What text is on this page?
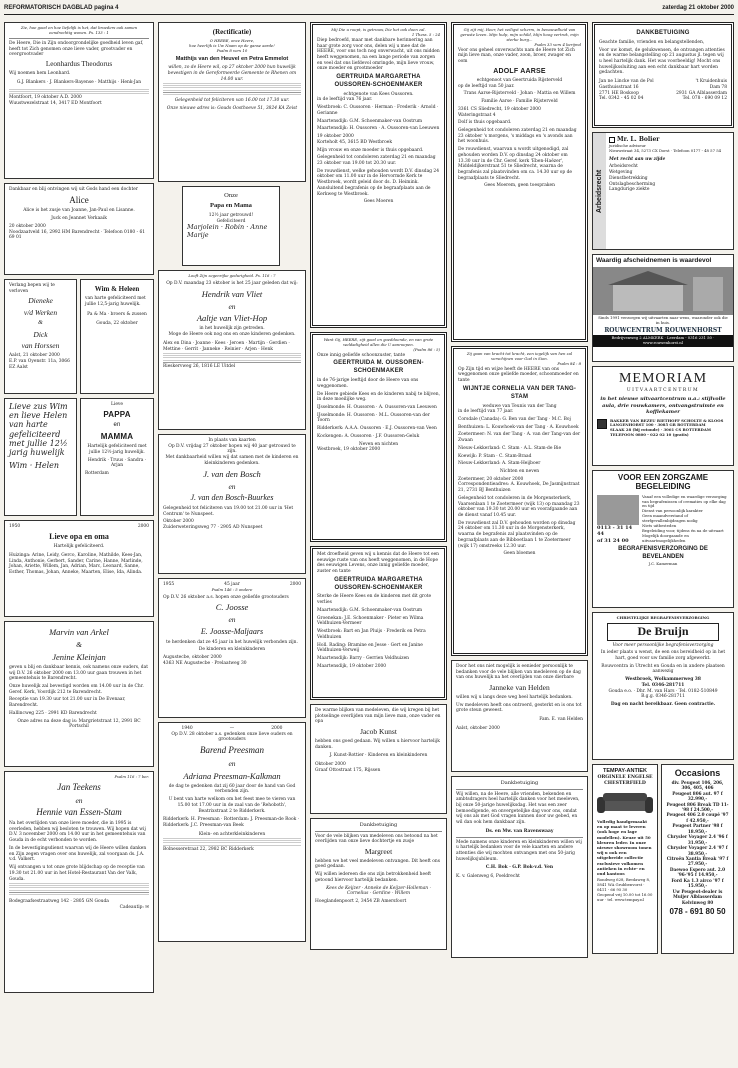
REFORMATORISCH DAGBLAD pagina 4	zaterdag 21 oktober 2000
Zie, hoe goed en hoe liefelijk is het, dat broeders ook samen eendrachtig wonen. Ps. 133 : 1
De Heere, Die in Zijn ondoorgrondelijke goedheid leven gaf, heeft tot Zich genomen onze lieve vader, grootvader en overgrootvader
Leonhardus Theodorus
Wij noemen hem Leonhard.
G.J. Blankers · J. Blankers-Bayense · Matthijs · Henk-Jan
Montfoort, 19 oktober A.D. 2000
Wuustwezelstraat 14, 3417 ED Montfoort
Dankbaar en blij ontvingen wij uit Gods hand een dochter
Alice
Alice is het zusje van Joanne, Jan-Paul en Lisanne.
Juck en Jeannet Verkaaik
20 oktober 2000
Noodzaatveld 16, 2992 HM Barendrecht · Telefoon 0180 - 61 69 01
Verlang bepen wij te verloven
Dieneke
v/d Werken
&
Dick
van Horssen
Aalst, 21 oktober 2000
E.P. van Oyenstr. 11a, 3066 EZ Aalst
Wim & Heleen
van harte gefeliciteerd met jullie 12,5-jarig huwelijk.
Pa & Ma · broers & zussen
Gouda, 22 oktober
Lieve zus Wim en lieve Helen van harte gefeliciteerd met jullie 12½ jarig huwelijk
Wim · Helen
Lieve
PAPPA
en
MAMMA
Hartelijk gefeliciteerd met jullie 12½-jarig huwelijk.
Hendrik · Truus · Sandra · Arjan
Rotterdam
1950	2000
Lieve opa en oma
Hartelijk gefeliciteerd.
Huizinga: Arine, Leidy, Gerco, Karoline, Mathilde, Kees-Jan, Linda, Anthonie, Gerbert, Sander, Carine, Hanne, Marlinde, Johan, Ariette, Willem, Jan, Adrian, Marc, Leonard, Sanne, Esther, Thomas, Johan, Anneke, Maarten, Elise, Ida, Alinda.
Marvin van Arkel
&
Jenine Kleinjan
geven u blij en dankbaar kennis, ook namens onze ouders, dat wij D.V. 26 oktober 2000 om 13.00 uur gaan trouwen in het gemeentehuis te Barendrecht.
Onze huwelijk zal bevestigd worden om 14.00 uur in de Chr. Geref. Kerk, Voordijk 212 te Barendrecht.
Receptie van 19.30 uur tot 21.00 uur in De Evenaar, Barendrecht.
Hallincweg 225 · 2991 KD Barendrecht
Onze adres na deze dag is: Margrietstraat 12, 2991 BC Portschil
Psalm 116 : 7 ber.
Jan Teekens
en
Hennie van Essen-Stam
Na het overlijden van onze lieve moeder, die in 1995 is overleden, hebben wij besloten te trouwen. Wij hopen dat wij D.V. 3 november 2000 om 14.00 uur in het gemeentehuis van Gouda in de echt verbonden te worden.
In de bevestigingsdienst waarvan wij de Heere willen danken en Zijn zegen vragen over ons huwelijk, zal voorgaan ds. J.A. v.d. Valkert.
Wij ontvangen u tot onze grote blijdschap op de receptie van 19.30 tot 21.00 uur in het Hotel-Restaurant Van der Valk, Gouda.
Bodegraafsestraatweg 142 · 2805 GN Gouda
Cadeautip: ✉
(Rectificatie)
O HEERE, onze Heere,
hoe heerlijk is Uw Naam op de ganse aarde!
Psalm 8 vers 10
Matthijs van den Heuvel en Petra Emmelot
willen, zo de Heere wil, op 27 oktober 2000 hun huwelijk bevestigen in de Gereformeerde Gemeente te Rhenen om 14.00 uur.
Gelegenheid tot feliciteren van 16.00 tot 17.30 uur.
Onze nieuwe adres is: Gouds Oosthoeve 51, 3824 KA Zeist
Onze
Papa en Mama
12½ jaar getrouwd!
Gefeliciteerd
Marjolein · Robin · Anne Marije
Looft Zijn zegenrijke gedurigheid. Ps. 116 : 7
Op D.V. maandag 23 oktober is het 25 jaar geleden dat wij:
Hendrik van Vliet
en
Aaltje van Vliet-Hop
in het huwelijk zijn getreden.
Moge de Heere ook nog ons en onze kinderen gedenken.
Alex en Dina · Joanne · Kees · Jeroen · Martijn · Gerdien · Mettine · Gerrit · Janneke · Reinier · Arjen · Henk
Rieskervweg 26, 1816 LE Uitdel
In plaats van kaarten
Op D.V. vrijdag 27 oktober hopen wij 40 jaar getrouwd te zijn.
Met dankbaarheid willen wij dat samen met de kinderen en kleinkinderen gedenken.
J. van den Bosch
en
J. van den Bosch-Buurkes
Gelegenheid tot feliciteren van 19.00 tot 21.00 uur in 'Het Centrum' te Nunspeet.
Oktober 2000
Zuiderweteringsweg 77 · 2905 AD Nunspeet
1955	45 jaar	2000
Psalm 146 : 5 ondere
Op D.V. 26 oktober a.s. hopen onze geliefde grootouders
C. Joosse
en
E. Joosse-Maljaars
te herdenken dat ze 45 jaar in het huwelijk verbonden zijn.
De kinderen en kleinkinderen
Augustecbe, oktober 2000
4363 NE Augustecbe · Prelaatweg 30
1940	—	2000
Op D.V. 28 oktober a.s. gedenken onze lieve ouders en grootouders
Barend Preesman
en
Adriana Preesman-Kalkman
de dag te gedenken dat zij 60 jaar door de hand van God verbonden zijn.
U bent van harte welkom om het feest mee te vieren van 15.00 tot 17.00 uur in de zaal van de 'Rehoboth', Beatrixstraat 2 te Ridderkerk.
Ridderkerk: H. Preesman · Rotterdam: J. Preesman-de Rook · Ridderkerk: J.C. Preesman-van Beek
Klein- en achterkleinkinderen
Bolnesseretraat 22, 2982 BC Ridderkerk
Mij Die u roept, is getrouw, Die het ook doen zal.
1 Thess. 5 : 24
Diep bedroefd, maar met dankbare herinnering aan haar grote zorg voor ons, delen wij u mee dat de HEERE, voor ons toch nog onverwacht, uit ons midden heeft weggenomen, na een lange periode van zorgen en veel dat ons liefdevol omringde, mijn lieve vrouw, onze moeder en grootmoeder
GERTRUIDA MARGARETHA OUSSOREN-SCHOENMAKER
echtgenote van Kees Oussoren.
in de leeftijd van 76 jaar.
Westbroek: C. Oussoren · Herman · Frederik · Arnold · Gerianne
Maartensdijk: G.M. Schoenmaker-van Oostrum
Maartensdijk: H. Oussoren · A. Oussoren-van Leeuwen
19 oktober 2000
Korteholt 45, 3615 BD Westbroek
Mijn vrouw en onze moeder is thuis opgebaard.
Gelegenheid tot condoleren zaterdag 21 en maandag 23 oktober van 19.00 tot 20.30 uur.
De rouwdienst, welke gehouden wordt D.V. dinsdag 24 oktober om 11.00 uur in de Hervormde Kerk te Westbroek, wordt geleid door ds. D. Heimink. Aansluitend begrafenis op de begraafplaats aan de Kerkweg te Westbroek.
Gees Moeren
Want Gij, HEERE, zijt goed en goeddoende, en van grote weldadigheid allen die U aanroepen.
(Psalm 86 : 5)
Onze innig geliefde schoonzuster, tante
GEERTRUIDA M. OUSSOREN-SCHOENMAKER
in de 76-jarige leeftijd door de Heere van ons weggenomen.
De Heere gebiede Kees en de kinderen nabij te blijven, in deze moeilijke weg.
IJsselmonde: H. Oussoren · A. Oussoren-van Leeuwen
IJsselmonde: H. Oussoren · M.L. Oussoren-van der Toorn
Ridderkerk: A.A.A. Oussoren · E.J. Oussoren-van Veen
Kockengen: A. Oussoren · J.F. Oussoren-Geluk
Neven en nichten
Westbroek, 19 oktober 2000
Met droefheid geven wij u kennis dat de Heere tot een eeuwige ruste van ons heeft weggenomen, in de Hope des eeuwigen Levens, onze innig geliefde moeder, zuster en tante
GEERTRUIDA MARGARETHA OUSSOREN-SCHOENMAKER
Sterke de Heere Kees en de kinderen met dit grote verlies
Maartensdijk: G.M. Schoenmaker-van Oostrum
Groenekan: J.E. Schoenmaker · Pieter en Wilma Veldhuizen-Vermeer
Westbroek: Bart en Jan Pluijs · Frederik en Petra Veldhuizen
Holl. Rading: Bramine en Jesse · Gert en Janine Veldhuizen-Verweij
Maartensdijk: Barry · Gerrien Veldhuizen
Maartensdijk, 19 oktober 2000
De warme blijken van medeleven, die wij kregen bij het plotselinge overlijden van mijn lieve man, onze vader en opa
Jacob Kunst
hebben ons goed gedaan. Wij willen u hiervoor hartelijk danken.
J. Kunst-Rottier · Kinderen en kleinkinderen
Oktober 2000
Graaf Ottostraat 175, Rijssen
Dankbetuiging
Voor de vele blijken van medeleven ons betoond na het overlijden van onze lieve dochtertje en zusje
Margreet
hebben we het veel medeleven ontvangen. Dit heeft ons goed gedaan.
Wij willen iedereen die ons zijn betrokkenheid heeft getoond hiervoor hartelijk bedanken.
Kees de Keijzer · Anneke de Keijzer-Holleman · Cornelius · Gerdine · Willem
Hoeglandenpoort 2, 3454 ZB Amersfoort
Gij zijt mij, Heer, het veiligst scherm, in benauwdheid van geruste leven. Mijn hulp, mijn schild, Mijn hoog vertrek, mijn sterke burg...
Psalm 33 vers 4 berijmd
Voor ons geheel onverwachts nam de Heere tot Zich mijn lieve man, onze vader, zoon, broer, zwager en oom
ADOLF AARSE
echtgenoot van Geertruida Rijsterveld
op de leeftijd van 50 jaar.
Trans Aarse-Rijsterveld · Johan · Mattia en Willem
Familie Aarse · Familie Rijsterveld
3361 CS Sliedrecht, 19 oktober 2000
Wateringstraat 4
Dolf is thuis opgebaard.
Gelegenheid tot condoleren zaterdag 21 en maandag 23 oktober 's morgens, 's middags en 's avonds aan het woonhuis.
De rouwdienst, waarvan u wordt uitgenodigd, zal gehouden worden D.V. op dinsdag 24 oktober om 13.30 uur in de Chr. Geref. kerk 'Eben-Haëzer', Middeldijkerstraat 51 te Sliedrecht, waarna de begrafenis zal plaatsvinden om ca. 14.30 uur op de begraafplaats te Sliedrecht.
Gees Moerem, geen toespraken
Zij gaan van kracht tot kracht, een iegelijk van hen zal verschijnen voor God in Sion.
Psalm 84 : 8
Op Zijn tijd en wijze heeft de HEERE van ons weggenomen onze geliefde moeder, schoonmoeder en tante
WIJNTJE CORNELIA VAN DER TANG-STAM
weduwe van Teunis van der Tang
in de leeftijd van 77 jaar.
Corsdale (Canada): G. Ben van der Tang · M.C. Boj
Benthuizen: L. Kouwhoek-van der Tang · A. Kouwhoek
Zoetermeer: N. van der Tang · A. van der Tang-van der Zwaan
Nieuw-Lekkerland: C. Stam · A.L. Stam-de Bie
Koewijk: P. Stam · C. Stam-Braad
Nieuw-Lekkerland: A. Stam-Heijboer
Nichten en neven
Zoetermeer, 20 oktober 2000
Correspondentieadres: A. Kouwhoek, De Jasmijnstraat 21, 2731 BJ Benthuizen
Gelegenheid tot condoleren in de Morgensterkerk, Vaarsenlaan 1 te Zoetermeer (wijk 13) op maandag 23 oktober van 19.30 tot 20.00 uur en voorafgaande aan de dienst vanaf 10.45 uur.
De rouwdienst zal D.V. gehouden worden op dinsdag 24 oktober om 11.30 uur in de Morgensterkerk, waarna de begrafenis zal plaatsvinden op de begraafplaats aan de Bibboetlaan 1 te Zoetermeer (wijk 17) omstreeks 12.30 uur.
Geen bloemen
Door het ons niet mogelijk is eenieder persoonlijk te bedanken voor de vele blijken van medeleven op de dag van ons huwelijk na het overlijden van onze dierbare
Janneke van Helden
willen wij u langs deze weg heel hartelijk bedanken.
Uw medeleven heeft ons ontroerd, gesterkt en is ons tot grote steun geweest.
Fam. E. van Helden
Aalst, oktober 2000
Dankbetuiging
Wij willen, na de Heere, alle vrienden, bekenden en ambtsdragers heel hartelijk danken voor het meeleven, bij onze 50-jarige huwelijksdag. Het was een zeer bemoedigende, en onvergetelijke dag voor ons, omdat wij ons als met God vragen kunnen door uw gebed, en wil dan ook hem dankbaar zijn.
Ds. en Mw. van Ravenswaay
Mede namens onze kinderen en kleinkinderen willen wij u hartelijk bedanken voor de vele kaarten en andere attenties die wij mochten ontvangen met ons 50-jarig huwelijksjubileum.
C.H. Bok · G.P. Bok-v.d. Ven
K. v. Galenweg 6, Poeldrecht
DANKBETUIGING
Geachte familie, vrienden en belangstellenden,
Voor uw komst, de gelukwensen, de ontvangen attenties en de warme belangstelling op 21 augustus jl. tegen wij u heel hartelijk dank. Het was voorbeeldig! Mocht ons huwelijkssluiting aan een echt dankbaar hart worden gedachten.
Jan ne Lincke van de Pol
Gasthuisstraat 16
2771 HE Boskoop
Tel. 0342 - 45 02 04
't Kruidenhuis
Dam 78
2931 GA Alblasserdam
Tel. 078 - 690 09 12
Arbeidsrecht
Mr. L. Bolier
juridische adviseur
Nieuwstraat 34, 5273 CX Dorst · Telefoon 0177 - 48 57 54
Met recht aan uw zijde
Arbeidsrecht
Wetgeving
Dienstbetrekking
Ontslagbescherming
Langdurige ziekte
Waardig afscheidnemen is waardevol
Sinds 1991 verzorgen wij uitvaarten naar wens, waaronder ook die in huis.
ROUWCENTRUM ROUWENHORST
Bedrijvenweg 2 ALMKERK · Leerdam - 0316 231 50 · www.rouwenhorst.nl
MEMORIAM
UITVAARTCENTRUM
in het nieuwe uitvaartcentrum u.a.: stijlvolle aula, drie rouwkamers, ontvangstruimte en koffiekamer
BAKKER VAN BEZEU RIETHOFF SCHOLTE & KLOOS
LANGENHORST 100 · 3085 GR ROTTERDAM
SLAAK 28 (bij rotonde) · 3061 CS ROTTERDAM
TELEFOON 0800 - 022 02 10 (gratis)
VOOR EEN ZORGZAME BEGELEIDING
0113 - 31 14 44
of 31 24 00
Vanaf een volledige en waardige verzorging van begrafenissen of crematies op elke dag en tijd
Dienst van persoonlijk karakter
Geen maandverstand of sterfgevallenbijdragen nodig
Niets uitbesteden
Begeleiding voor, tijdens én na de uitvaart
Mogelijk doorgaande en uitvaartmogelijkheden
BEGRAFENISVERZORGING DE BEVELANDEN
J.C. Kamerman
CHRISTELIJKE BEGRAFENISVERZORGING
De Bruijn
Voor meer persoonlijke begrafenisverzorging
In ieder plaats u wenst, de een ons bereidheid op in het hart, goed voor uw familie zorg afgewerkt.
Rouwcentra in Utrecht en Gouda en in andere plaatsen aanwezig
Westbroek, Wolkammerweg 38
Tel. 0346-281711
Gouda e.o. · Dhr. M. van Hars · Tel. 0182-510849
B.g.g. 0346-281711
Dag en nacht bereikbaar. Geen contractie.
TEMPAY-ANTIEK
ORGINELE ENGELSE CHESTERFIELD
Volledig handgemaakt en op maat te leveren (ook hoge en lage modellen). Keuze uit 50 kleuren leder. In onze nieuwe showroom tonen wij u ook een uitgebreide collectie exclusieve volkomen antieken in echte- en oud kantoor.
Rondweg 628, Bredaweg 8, 5841 WA Grubbenvorst · 0411 - 66 95 30
Geopend vrij 10.00 tot 16.00 uur · tel. www.tempay.nl
Occasions
div. Peugeot 106, 206, 306, 405, 406
Peugeot 806 aut. 97 f 32.990,-
Peugeot 806 Break TD 11-'98 f 24.500,-
Peugeot 406 2.0 coupé '97 f 42.950,-
Peugeot Partner '98 f 18.950,-
Chrysler Voyager 2.4 '96 f 31.950,-
Chrysler Voyager 2.4 '97 f 38.950,-
Citroën Xantia Break '97 f 27.950,-
Daewoo Espero aut. 2.0 '96-'95 f 14.950,-
Ford Ka 1.3 airco '97 f 15.950,-
Uw Peugeot-dealer is
Muijer Alblasserdam
Kelvinweg 80
078 - 691 80 50
